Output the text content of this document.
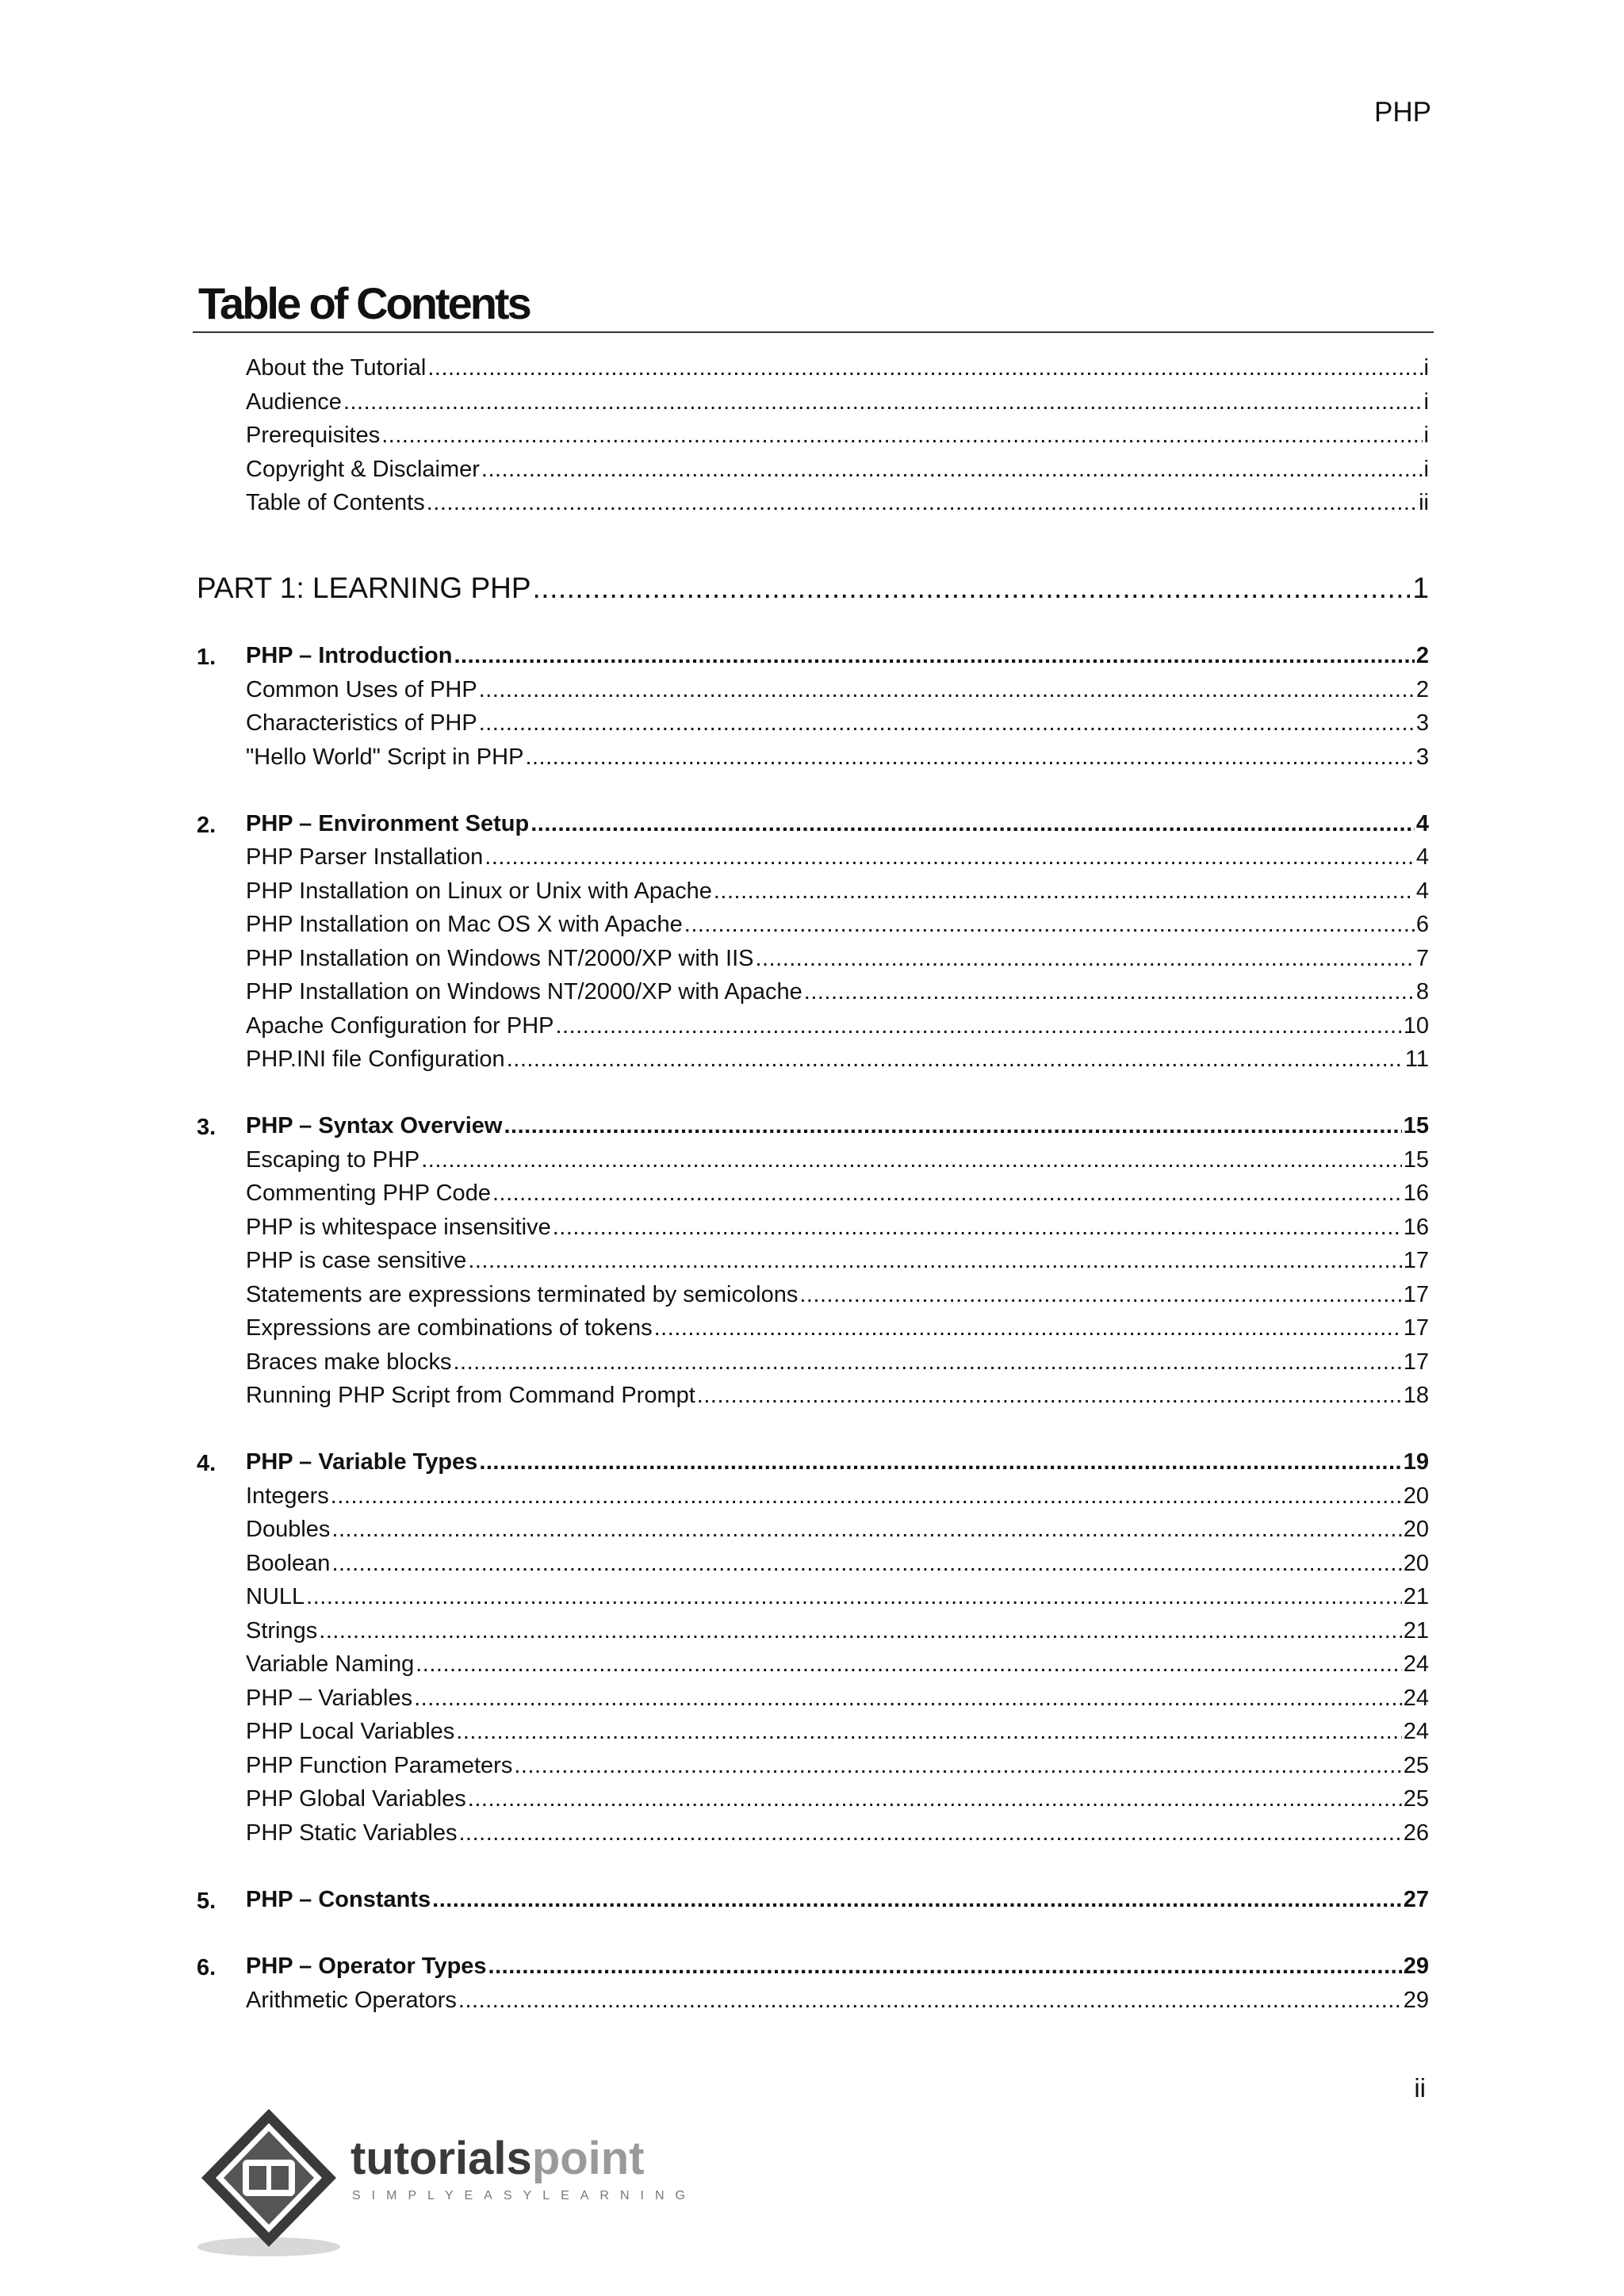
PHP
Table of Contents
About the Tutorial .....	i
Audience .....	i
Prerequisites .....	i
Copyright & Disclaimer .....	i
Table of Contents .....	ii
PART 1: LEARNING PHP .....	1
1. PHP – Introduction .....	2
Common Uses of PHP .....	2
Characteristics of PHP .....	3
"Hello World" Script in PHP .....	3
2. PHP – Environment Setup .....	4
PHP Parser Installation .....	4
PHP Installation on Linux or Unix with Apache .....	4
PHP Installation on Mac OS X with Apache .....	6
PHP Installation on Windows NT/2000/XP with IIS .....	7
PHP Installation on Windows NT/2000/XP with Apache .....	8
Apache Configuration for PHP .....	10
PHP.INI file Configuration .....	11
3. PHP – Syntax Overview .....	15
Escaping to PHP .....	15
Commenting PHP Code .....	16
PHP is whitespace insensitive .....	16
PHP is case sensitive .....	17
Statements are expressions terminated by semicolons .....	17
Expressions are combinations of tokens .....	17
Braces make blocks .....	17
Running PHP Script from Command Prompt .....	18
4. PHP – Variable Types .....	19
Integers .....	20
Doubles .....	20
Boolean .....	20
NULL .....	21
Strings .....	21
Variable Naming .....	24
PHP – Variables .....	24
PHP Local Variables .....	24
PHP Function Parameters .....	25
PHP Global Variables .....	25
PHP Static Variables .....	26
5. PHP – Constants .....	27
6. PHP – Operator Types .....	29
Arithmetic Operators .....	29
ii
tutorialspoint
SIMPLYEASYLEARNING
